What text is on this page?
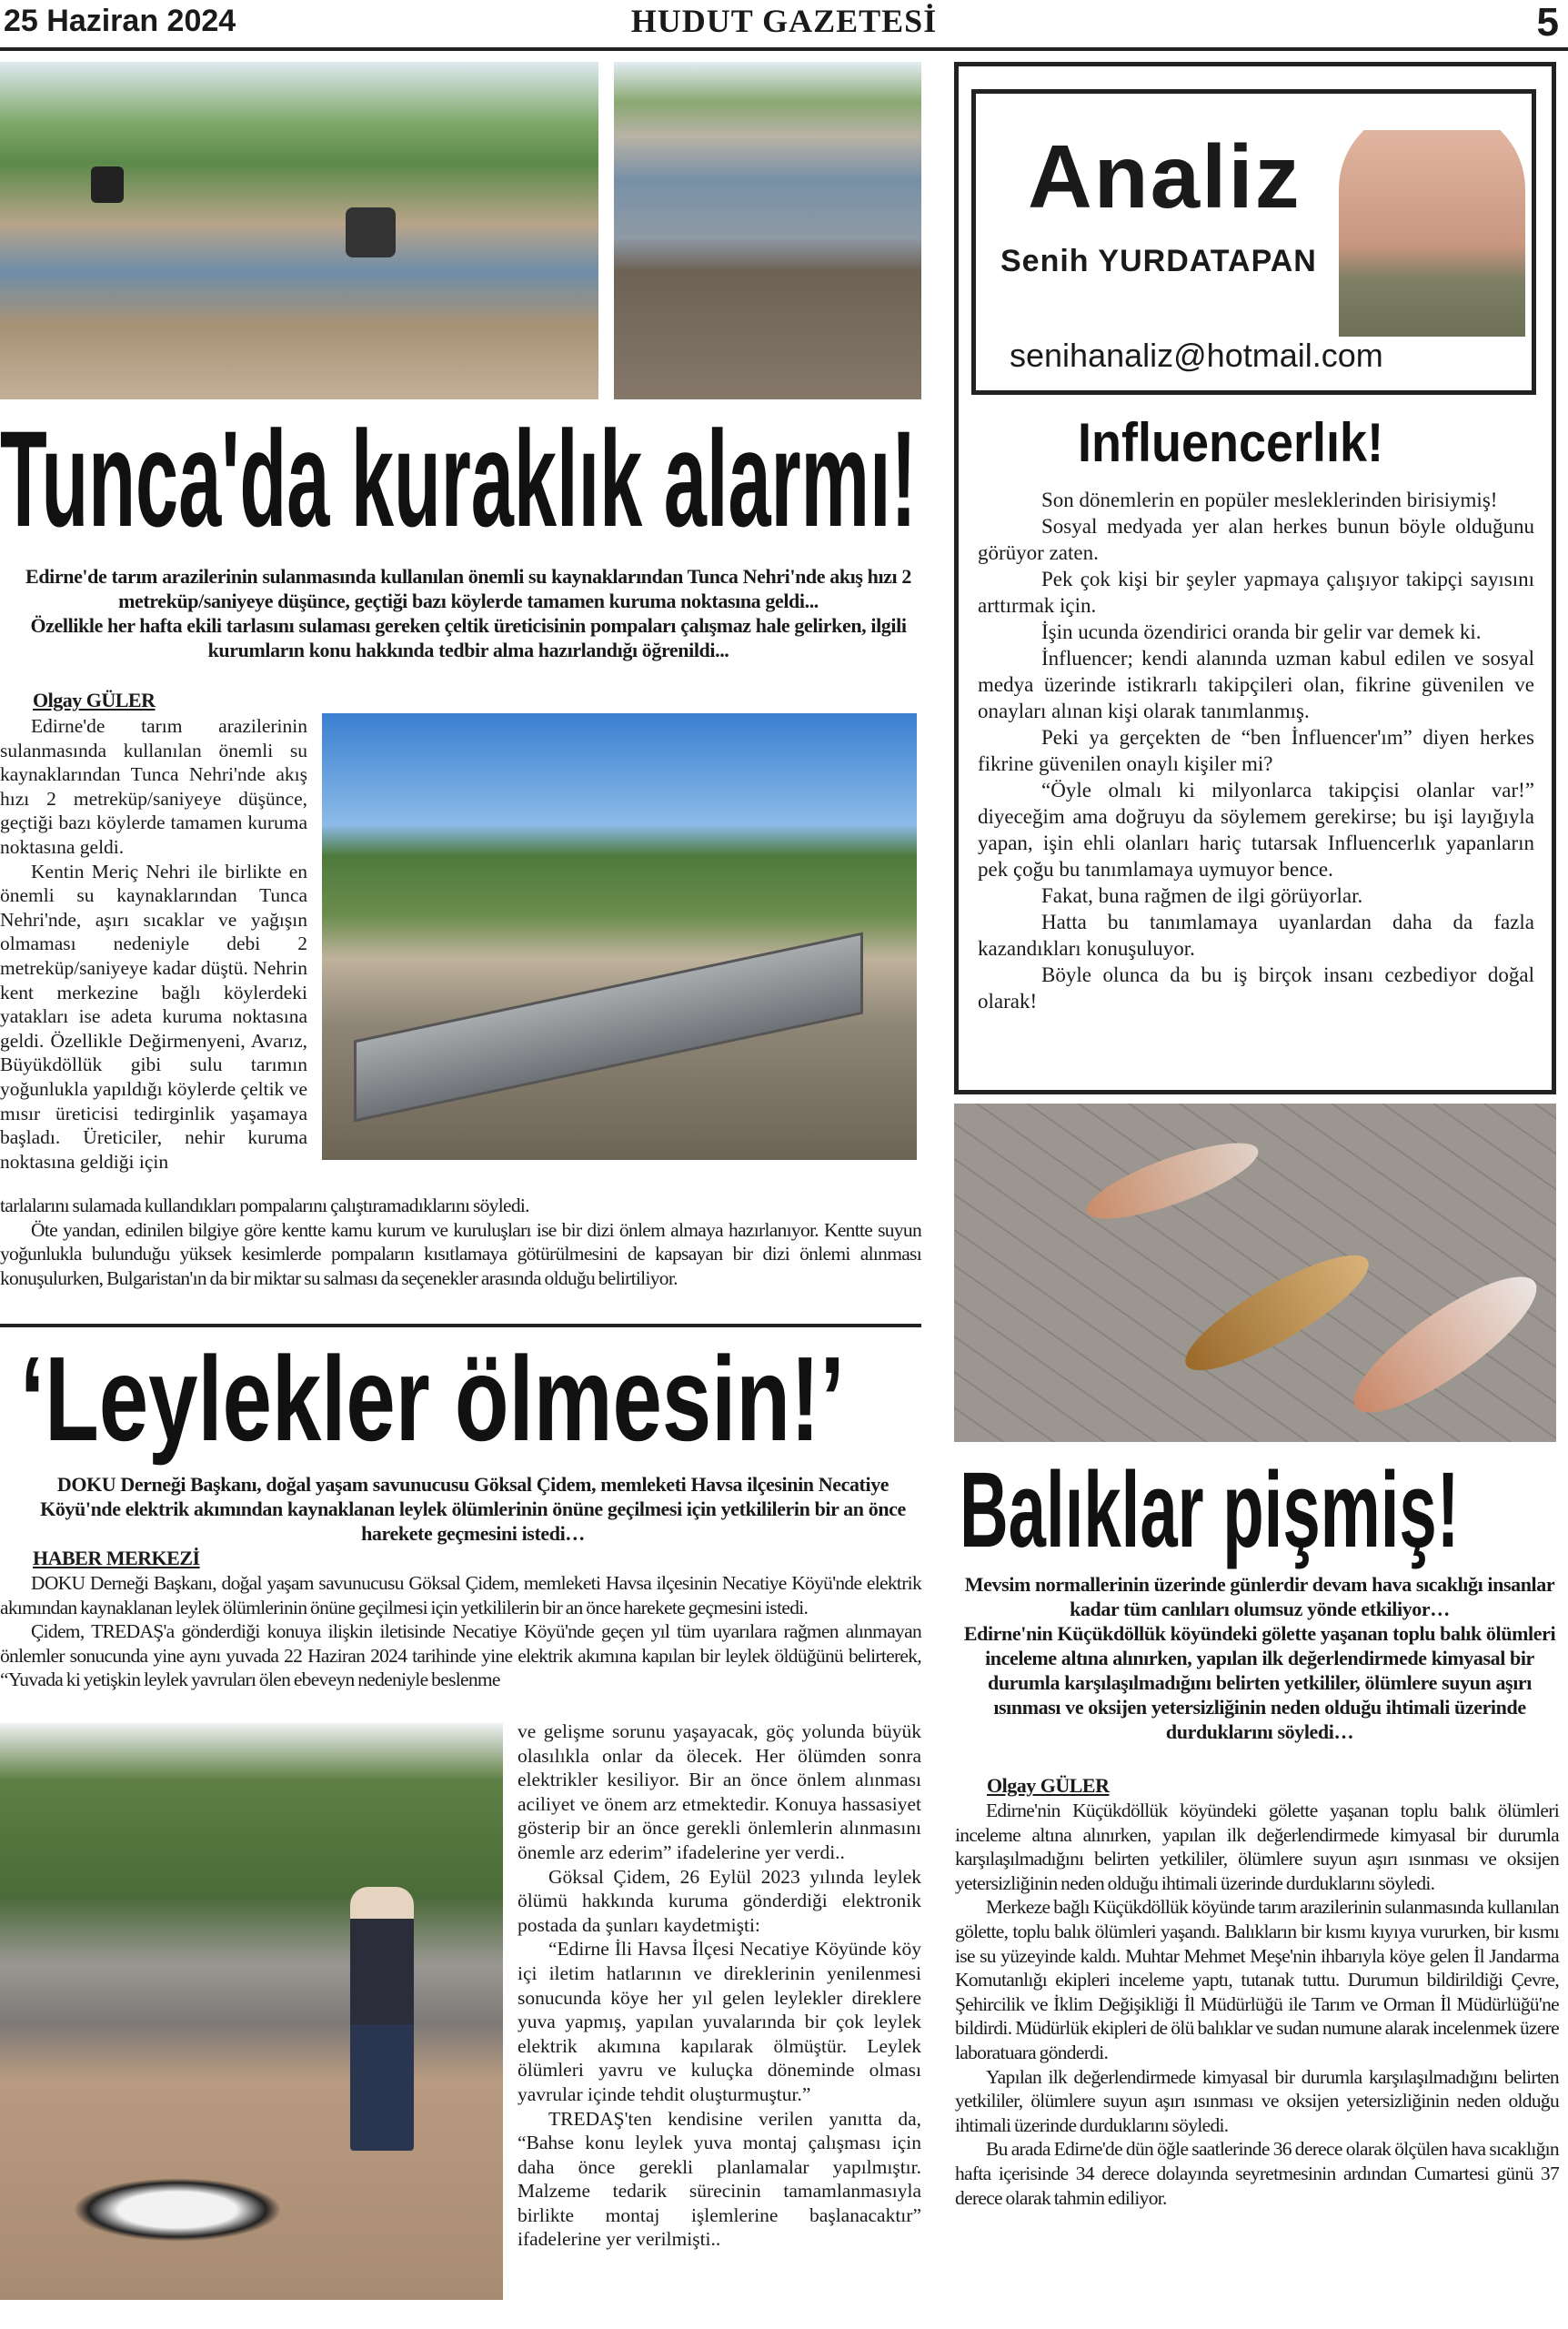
HUDUT GAZETESİ
25 Haziran 2024	5
Tunca'da kuraklık alarmı!
Edirne'de tarım arazilerinin sulanmasında kullanılan önemli su kaynaklarından Tunca Nehri'nde akış hızı 2 metreküp/saniyeye düşünce, geçtiği bazı köylerde tamamen kuruma noktasına geldi...
Özellikle her hafta ekili tarlasını sulaması gereken çeltik üreticisinin pompaları çalışmaz hale gelirken, ilgili kurumların konu hakkında tedbir alma hazırlandığı öğrenildi...
Olgay GÜLER

Edirne'de tarım arazilerinin sulanmasında kullanılan önemli su kaynaklarından Tunca Nehri'nde akış hızı 2 metreküp/saniyeye düşünce, geçtiği bazı köylerde tamamen kuruma noktasına geldi.

Kentin Meriç Nehri ile birlikte en önemli su kaynaklarından Tunca Nehri'nde, aşırı sıcaklar ve yağışın olmaması nedeniyle debi 2 metreküp/saniyeye kadar düştü. Nehrin kent merkezine bağlı köylerdeki yatakları ise adeta kuruma noktasına geldi. Özellikle Değirmenyeni, Avarız, Büyükdöllük gibi sulu tarımın yoğunlukla yapıldığı köylerde çeltik ve mısır üreticisi tedirginlik yaşamaya başladı. Üreticiler, nehir kuruma noktasına geldiği için

tarlalarını sulamada kullandıkları pompalarını çalıştıramadıklarını söyledi.

Öte yandan, edinilen bilgiye göre kentte kamu kurum ve kuruluşları ise bir dizi önlem almaya hazırlanıyor. Kentte suyun yoğunlukla bulunduğu yüksek kesimlerde pompaların kısıtlamaya götürülmesini de kapsayan bir dizi önlemi alınması konuşulurken, Bulgaristan'ın da bir miktar su salması da seçenekler arasında olduğu belirtiliyor.

‘Leylekler ölmesin!’
DOKU Derneği Başkanı, doğal yaşam savunucusu Göksal Çidem, memleketi Havsa ilçesinin Necatiye Köyü'nde elektrik akımından kaynaklanan leylek ölümlerinin önüne geçilmesi için yetkililerin bir an önce harekete geçmesini istedi…
HABER MERKEZİ

DOKU Derneği Başkanı, doğal yaşam savunucusu Göksal Çidem, memleketi Havsa ilçesinin Necatiye Köyü'nde elektrik akımından kaynaklanan leylek ölümlerinin önüne geçilmesi için yetkililerin bir an önce harekete geçmesini istedi.

Çidem, TREDAŞ'a gönderdiği konuya ilişkin iletisinde Necatiye Köyü'nde geçen yıl tüm uyarılara rağmen alınmayan önlemler sonucunda yine aynı yuvada 22 Haziran 2024 tarihinde yine elektrik akımına kapılan bir leylek öldüğünü belirterek, “Yuvada ki yetişkin leylek yavruları ölen ebeveyn nedeniyle beslenme

ve gelişme sorunu yaşayacak, göç yolunda büyük olasılıkla onlar da ölecek. Her ölümden sonra elektrikler kesiliyor. Bir an önce önlem alınması aciliyet ve önem arz etmektedir. Konuya hassasiyet gösterip bir an önce gerekli önlemlerin alınmasını önemle arz ederim” ifadelerine yer verdi..

Göksal Çidem, 26 Eylül 2023 yılında leylek ölümü hakkında kuruma gönderdiği elektronik postada da şunları kaydetmişti:

“Edirne İli Havsa İlçesi Necatiye Köyünde köy içi iletim hatlarının ve direklerinin yenilenmesi sonucunda köye her yıl gelen leylekler direklere yuva yapmış, yapılan yuvalarında bir çok leylek elektrik akımına kapılarak ölmüştür. Leylek ölümleri yavru ve kuluçka döneminde olması yavrular içinde tehdit oluşturmuştur.”

TREDAŞ'ten kendisine verilen yanıtta da, “Bahse konu leylek yuva montaj çalışması için daha önce gerekli planlamalar yapılmıştır. Malzeme tedarik sürecinin tamamlanmasıyla birlikte montaj işlemlerine başlanacaktır” ifadelerine yer verilmişti..

Analiz
Senih YURDATAPAN
senihanaliz@hotmail.com
Influencerlık!

Son dönemlerin en popüler mesleklerinden birisiymiş!

Sosyal medyada yer alan herkes bunun böyle olduğunu görüyor zaten.

Pek çok kişi bir şeyler yapmaya çalışıyor takipçi sayısını arttırmak için.

İşin ucunda özendirici oranda bir gelir var demek ki.

İnfluencer; kendi alanında uzman kabul edilen ve sosyal medya üzerinde istikrarlı takipçileri olan, fikrine güvenilen ve onayları alınan kişi olarak tanımlanmış.

Peki ya gerçekten de “ben İnfluencer'ım” diyen herkes fikrine güvenilen onaylı kişiler mi?

“Öyle olmalı ki milyonlarca takipçisi olanlar var!” diyeceğim ama doğruyu da söylemem gerekirse; bu işi layığıyla yapan, işin ehli olanları hariç tutarsak Influencerlık yapanların pek çoğu bu tanımlamaya uymuyor bence.

Fakat, buna rağmen de ilgi görüyorlar.

Hatta bu tanımlamaya uyanlardan daha da fazla kazandıkları konuşuluyor.

Böyle olunca da bu iş birçok insanı cezbediyor doğal olarak!

Balıklar pişmiş!
Mevsim normallerinin üzerinde günlerdir devam hava sıcaklığı insanlar kadar tüm canlıları olumsuz yönde etkiliyor…
Edirne'nin Küçükdöllük köyündeki gölette yaşanan toplu balık ölümleri inceleme altına alınırken, yapılan ilk değerlendirmede kimyasal bir durumla karşılaşılmadığını belirten yetkililer, ölümlere suyun aşırı ısınması ve oksijen yetersizliğinin neden olduğu ihtimali üzerinde durduklarını söyledi…
Olgay GÜLER

Edirne'nin Küçükdöllük köyündeki gölette yaşanan toplu balık ölümleri inceleme altına alınırken, yapılan ilk değerlendirmede kimyasal bir durumla karşılaşılmadığını belirten yetkililer, ölümlere suyun aşırı ısınması ve oksijen yetersizliğinin neden olduğu ihtimali üzerinde durduklarını söyledi.

Merkeze bağlı Küçükdöllük köyünde tarım arazilerinin sulanmasında kullanılan gölette, toplu balık ölümleri yaşandı. Balıkların bir kısmı kıyıya vururken, bir kısmı ise su yüzeyinde kaldı. Muhtar Mehmet Meşe'nin ihbarıyla köye gelen İl Jandarma Komutanlığı ekipleri inceleme yaptı, tutanak tuttu. Durumun bildirildiği Çevre, Şehircilik ve İklim Değişikliği İl Müdürlüğü ile Tarım ve Orman İl Müdürlüğü'ne bildirdi. Müdürlük ekipleri de ölü balıklar ve sudan numune alarak incelenmek üzere laboratuara gönderdi.

Yapılan ilk değerlendirmede kimyasal bir durumla karşılaşılmadığını belirten yetkililer, ölümlere suyun aşırı ısınması ve oksijen yetersizliğinin neden olduğu ihtimali üzerinde durduklarını söyledi.

Bu arada Edirne'de dün öğle saatlerinde 36 derece olarak ölçülen hava sıcaklığın hafta içerisinde 34 derece dolayında seyretmesinin ardından Cumartesi günü 37 derece olarak tahmin ediliyor.
